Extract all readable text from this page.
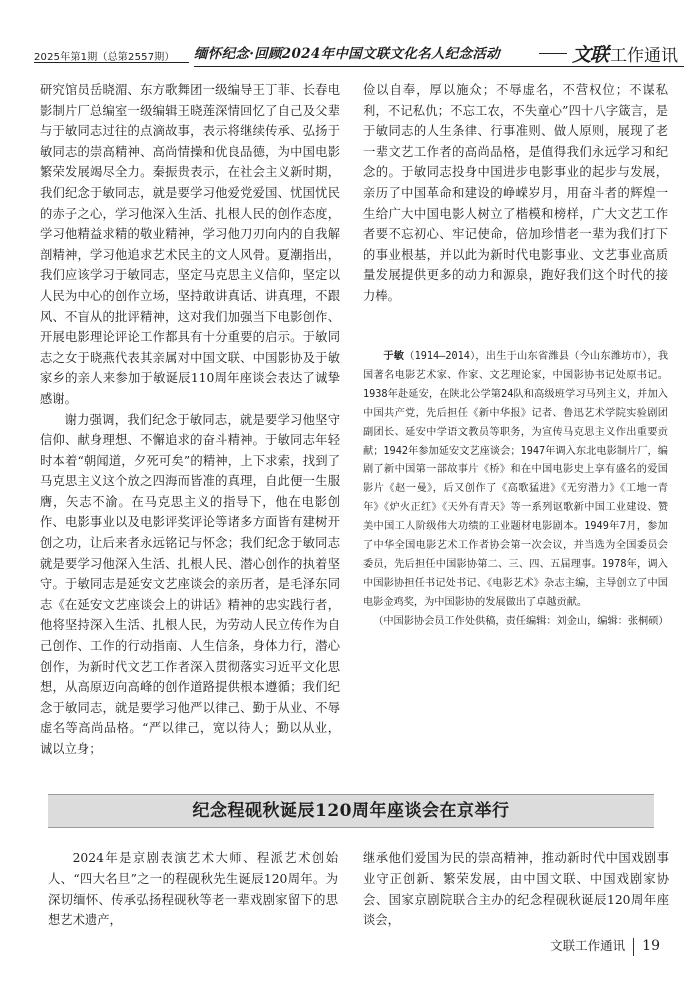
2025年第1期（总第2557期） 缅怀纪念·回顾2024年中国文联文化名人纪念活动	文联 工作通讯

研究馆员岳晓湄、东方歌舞团一级编导王丁菲、长春电影制片厂总编室一级编辑王晓莲深情回忆了自己及父辈与于敏同志过往的点滴故事，表示将继续传承、弘扬于敏同志的崇高精神、高尚情操和优良品德，为中国电影繁荣发展竭尽全力。秦振贵表示，在社会主义新时期，我们纪念于敏同志，就是要学习他爱党爱国、忧国忧民的赤子之心，学习他深入生活、扎根人民的创作态度，学习他精益求精的敬业精神，学习他刀刃向内的自我解剖精神，学习他追求艺术民主的文人风骨。夏潮指出，我们应该学习于敏同志，坚定马克思主义信仰，坚定以人民为中心的创作立场，坚持敢讲真话、讲真理，不跟风、不盲从的批评精神，这对我们加强当下电影创作、开展电影理论评论工作都具有十分重要的启示。于敏同志之女于晓燕代表其亲属对中国文联、中国影协及于敏家乡的亲人来参加于敏诞辰110周年座谈会表达了诚挚感谢。

谢力强调，我们纪念于敏同志，就是要学习他坚守信仰、献身理想、不懈追求的奋斗精神。于敏同志年轻时本着“朝闻道，夕死可矣”的精神，上下求索，找到了马克思主义这个放之四海而皆准的真理，自此便一生服膺，矢志不渝。在马克思主义的指导下，他在电影创作、电影事业以及电影评奖评论等诸多方面皆有建树开创之功，让后来者永远铭记与怀念；我们纪念于敏同志就是要学习他深入生活、扎根人民、潜心创作的执着坚守。于敏同志是延安文艺座谈会的亲历者，是毛泽东同志《在延安文艺座谈会上的讲话》精神的忠实践行者，他将坚持深入生活、扎根人民，为劳动人民立传作为自己创作、工作的行动指南、人生信条，身体力行，潜心创作，为新时代文艺工作者深入贯彻落实习近平文化思想，从高原迈向高峰的创作道路提供根本遵循；我们纪念于敏同志，就是要学习他严以律己、勤于从业、不辱虚名等高尚品格。“严以律己，宽以待人；勤以从业，诚以立身；

俭以自奉，厚以施众；不辱虚名，不营权位；不谋私利，不记私仇；不忘工农，不失童心”四十八字箴言，是于敏同志的人生条律、行事准则、做人原则，展现了老一辈文艺工作者的高尚品格，是值得我们永远学习和纪念的。于敏同志投身中国进步电影事业的起步与发展，亲历了中国革命和建设的峥嵘岁月，用奋斗者的辉煌一生给广大中国电影人树立了楷模和榜样，广大文艺工作者要不忘初心、牢记使命，倍加珍惜老一辈为我们打下的事业根基，并以此为新时代电影事业、文艺事业高质量发展提供更多的动力和源泉，跑好我们这个时代的接力棒。

于敏（1914—2014），出生于山东省潍县（今山东潍坊市），我国著名电影艺术家、作家、文艺理论家，中国影协书记处原书记。1938年赴延安，在陕北公学第24队和高级班学习马列主义，并加入中国共产党，先后担任《新中华报》记者、鲁迅艺术学院实验剧团副团长、延安中学语文教员等职务，为宣传马克思主义作出重要贡献；1942年参加延安文艺座谈会；1947年调入东北电影制片厂，编剧了新中国第一部故事片《桥》和在中国电影史上享有盛名的爱国影片《赵一曼》，后又创作了《高歌猛进》《无穷潜力》《工地一青年》《炉火正红》《天外有青天》等一系列讴歌新中国工业建设、赞美中国工人阶级伟大功绩的工业题材电影剧本。1949年7月，参加了中华全国电影艺术工作者协会第一次会议，并当选为全国委员会委员，先后担任中国影协第二、三、四、五届理事。1978年，调入中国影协担任书记处书记、《电影艺术》杂志主编，主导创立了中国电影金鸡奖，为中国影协的发展做出了卓越贡献。

（中国影协会员工作处供稿，责任编辑：刘金山，编辑：张桐硕）

纪念程砚秋诞辰120周年座谈会在京举行

2024年是京剧表演艺术大师、程派艺术创始人、“四大名旦”之一的程砚秋先生诞辰120周年。为深切缅怀、传承弘扬程砚秋等老一辈戏剧家留下的思想艺术遗产，

继承他们爱国为民的崇高精神，推动新时代中国戏剧事业守正创新、繁荣发展，由中国文联、中国戏剧家协会、国家京剧院联合主办的纪念程砚秋诞辰120周年座谈会，

文联工作通讯 19
